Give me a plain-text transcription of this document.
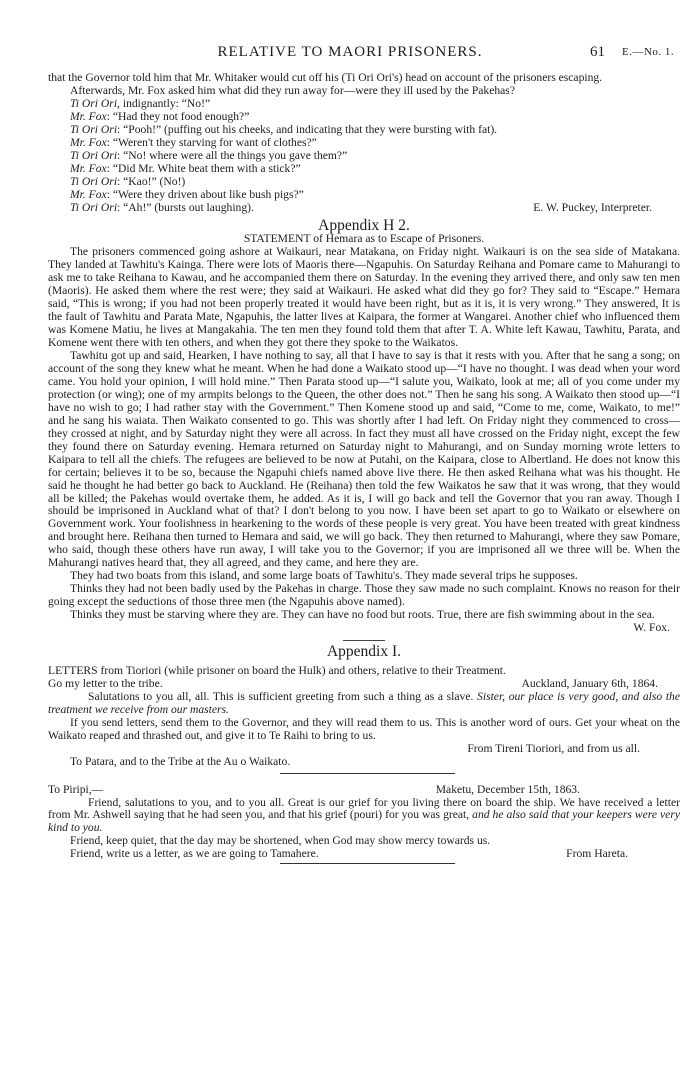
RELATIVE TO MAORI PRISONERS.	61 E.—No. 1.

that the Governor told him that Mr. Whitaker would cut off his (Ti Ori Ori's) head on account of the prisoners escaping.

Afterwards, Mr. Fox asked him what did they run away for—were they ill used by the Pakehas?

Ti Ori Ori, indignantly: “No!”

Mr. Fox: “Had they not food enough?”

Ti Ori Ori: “Pooh!” (puffing out his cheeks, and indicating that they were bursting with fat).

Mr. Fox: “Weren't they starving for want of clothes?”

Ti Ori Ori: “No! where were all the things you gave them?”

Mr. Fox: “Did Mr. White beat them with a stick?”

Ti Ori Ori: “Kao!” (No!)

Mr. Fox: “Were they driven about like bush pigs?”

Ti Ori Ori: “Ah!” (bursts out laughing).	E. W. Puckey, Interpreter.

Appendix H 2.

STATEMENT of Hemara as to Escape of Prisoners.

The prisoners commenced going ashore at Waikauri, near Matakana, on Friday night. Waikauri is on the sea side of Matakana. They landed at Tawhitu's Kainga. There were lots of Maoris there—Ngapuhis. On Saturday Reihana and Pomare came to Mahurangi to ask me to take Reihana to Kawau, and he accompanied them there on Saturday. In the evening they arrived there, and only saw ten men (Maoris). He asked them where the rest were; they said at Waikauri. He asked what did they go for? They said to “Escape.” Hemara said, “This is wrong; if you had not been properly treated it would have been right, but as it is, it is very wrong.” They answered, It is the fault of Tawhitu and Parata Mate, Ngapuhis, the latter lives at Kaipara, the former at Wangarei. Another chief who influenced them was Komene Matiu, he lives at Mangakahia. The ten men they found told them that after T. A. White left Kawau, Tawhitu, Parata, and Komene went there with ten others, and when they got there they spoke to the Waikatos.

Tawhitu got up and said, Hearken, I have nothing to say, all that I have to say is that it rests with you. After that he sang a song; on account of the song they knew what he meant. When he had done a Waikato stood up—“I have no thought. I was dead when your word came. You hold your opinion, I will hold mine.” Then Parata stood up—“I salute you, Waikato, look at me; all of you come under my protection (or wing); one of my armpits belongs to the Queen, the other does not.” Then he sang his song. A Waikato then stood up—“I have no wish to go; I had rather stay with the Government.” Then Komene stood up and said, “Come to me, come, Waikato, to me!” and he sang his waiata. Then Waikato consented to go. This was shortly after I had left. On Friday night they commenced to cross—they crossed at night, and by Saturday night they were all across. In fact they must all have crossed on the Friday night, except the few they found there on Saturday evening. Hemara returned on Saturday night to Mahurangi, and on Sunday morning wrote letters to Kaipara to tell all the chiefs. The refugees are believed to be now at Putahi, on the Kaipara, close to Albertland. He does not know this for certain; believes it to be so, because the Ngapuhi chiefs named above live there. He then asked Reihana what was his thought. He said he thought he had better go back to Auckland. He (Reihana) then told the few Waikatos he saw that it was wrong, that they would all be killed; the Pakehas would overtake them, he added. As it is, I will go back and tell the Governor that you ran away. Though I should be imprisoned in Auckland what of that? I don't belong to you now. I have been set apart to go to Waikato or elsewhere on Government work. Your foolishness in hearkening to the words of these people is very great. You have been treated with great kindness and brought here. Reihana then turned to Hemara and said, we will go back. They then returned to Mahurangi, where they saw Pomare, who said, though these others have run away, I will take you to the Governor; if you are imprisoned all we three will be. When the Mahurangi natives heard that, they all agreed, and they came, and here they are.

They had two boats from this island, and some large boats of Tawhitu's. They made several trips he supposes.

Thinks they had not been badly used by the Pakehas in charge. Those they saw made no such complaint. Knows no reason for their going except the seductions of those three men (the Ngapuhis above named).

Thinks they must be starving where they are. They can have no food but roots. True, there are fish swimming about in the sea.

W. Fox.

Appendix I.

LETTERS from Tioriori (while prisoner on board the Hulk) and others, relative to their Treatment.

Go my letter to the tribe.	Auckland, January 6th, 1864.

Salutations to you all, all. This is sufficient greeting from such a thing as a slave. Sister, our place is very good, and also the treatment we receive from our masters.

If you send letters, send them to the Governor, and they will read them to us. This is another word of ours. Get your wheat on the Waikato reaped and thrashed out, and give it to Te Raihi to bring to us.

From Tireni Tioriori, and from us all.

To Patara, and to the Tribe at the Au o Waikato.

To Piripi,—	Maketu, December 15th, 1863.

Friend, salutations to you, and to you all. Great is our grief for you living there on board the ship. We have received a letter from Mr. Ashwell saying that he had seen you, and that his grief (pouri) for you was great, and he also said that your keepers were very kind to you.

Friend, keep quiet, that the day may be shortened, when God may show mercy towards us.

Friend, write us a letter, as we are going to Tamahere.	From Hareta.
